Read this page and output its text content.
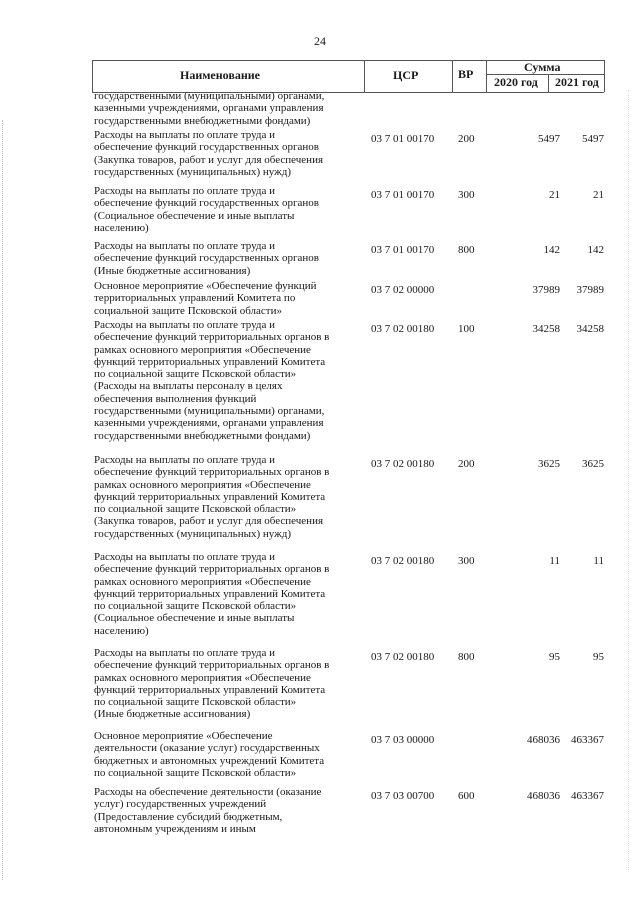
24
Наименование	ЦСР	ВР	Сумма
2020 год 2021 год
государственными (муниципальными) органами,
казенными учреждениями, органами управления
государственными внебюджетными фондами)
Расходы на выплаты по оплате труда и
обеспечение функций государственных органов
(Закупка товаров, работ и услуг для обеспечения
государственных (муниципальных) нужд)
03 7 01 00170 200	5497	5497
Расходы на выплаты по оплате труда и
обеспечение функций государственных органов
(Социальное обеспечение и иные выплаты
населению)
03 7 01 00170 300	21	21
Расходы на выплаты по оплате труда и
обеспечение функций государственных органов
(Иные бюджетные ассигнования)
03 7 01 00170 800	142	142
Основное мероприятие «Обеспечение функций
территориальных управлений Комитета по
социальной защите Псковской области»
03 7 02 00000	37989	37989
Расходы на выплаты по оплате труда и
обеспечение функций территориальных органов в
рамках основного мероприятия «Обеспечение
функций территориальных управлений Комитета
по социальной защите Псковской области»
(Расходы на выплаты персоналу в целях
обеспечения выполнения функций
государственными (муниципальными) органами,
казенными учреждениями, органами управления
государственными внебюджетными фондами)
03 7 02 00180 100	34258	34258
Расходы на выплаты по оплате труда и
обеспечение функций территориальных органов в
рамках основного мероприятия «Обеспечение
функций территориальных управлений Комитета
по социальной защите Псковской области»
(Закупка товаров, работ и услуг для обеспечения
государственных (муниципальных) нужд)
03 7 02 00180 200	3625	3625
Расходы на выплаты по оплате труда и
обеспечение функций территориальных органов в
рамках основного мероприятия «Обеспечение
функций территориальных управлений Комитета
по социальной защите Псковской области»
(Социальное обеспечение и иные выплаты
населению)
03 7 02 00180 300	11	11
Расходы на выплаты по оплате труда и
обеспечение функций территориальных органов в
рамках основного мероприятия «Обеспечение
функций территориальных управлений Комитета
по социальной защите Псковской области»
(Иные бюджетные ассигнования)
03 7 02 00180 800	95	95
Основное мероприятие «Обеспечение
деятельности (оказание услуг) государственных
бюджетных и автономных учреждений Комитета
по социальной защите Псковской области»
03 7 03 00000	468036	463367
Расходы на обеспечение деятельности (оказание
услуг) государственных учреждений
(Предоставление субсидий бюджетным,
автономным учреждениям и иным
03 7 03 00700 600	468036	463367
